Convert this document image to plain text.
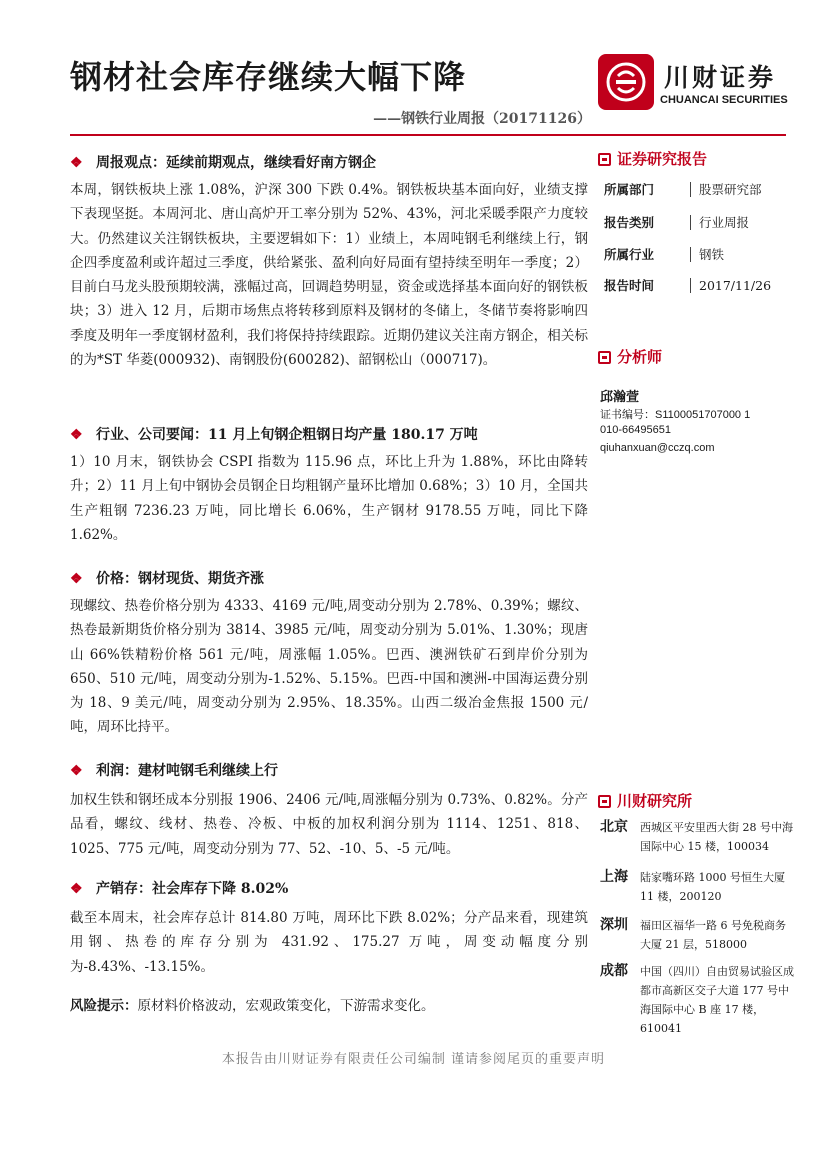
钢材社会库存继续大幅下降
——钢铁行业周报（20171126）
川财证券
CHUANCAI SECURITIES
❖ 周报观点：延续前期观点，继续看好南方钢企
本周，钢铁板块上涨 1.08%，沪深 300 下跌 0.4%。钢铁板块基本面向好，业绩支撑下表现坚挺。本周河北、唐山高炉开工率分别为 52%、43%，河北采暖季限产力度较大。仍然建议关注钢铁板块，主要逻辑如下：1）业绩上，本周吨钢毛利继续上行，钢企四季度盈利或许超过三季度，供给紧张、盈利向好局面有望持续至明年一季度；2）目前白马龙头股预期较满，涨幅过高，回调趋势明显，资金或选择基本面向好的钢铁板块；3）进入 12 月，后期市场焦点将转移到原料及钢材的冬储上，冬储节奏将影响四季度及明年一季度钢材盈利，我们将保持持续跟踪。近期仍建议关注南方钢企，相关标的为*ST 华菱(000932)、南钢股份(600282)、韶钢松山（000717)。
❖ 行业、公司要闻：11 月上旬钢企粗钢日均产量 180.17 万吨
1）10 月末，钢铁协会 CSPI 指数为 115.96 点，环比上升为 1.88%，环比由降转升；2）11 月上旬中钢协会员钢企日均粗钢产量环比增加 0.68%；3）10 月，全国共生产粗钢 7236.23 万吨，同比增长 6.06%，生产钢材 9178.55 万吨，同比下降 1.62%。
❖ 价格：钢材现货、期货齐涨
现螺纹、热卷价格分别为 4333、4169 元/吨,周变动分别为 2.78%、0.39%；螺纹、热卷最新期货价格分别为 3814、3985 元/吨，周变动分别为 5.01%、1.30%；现唐山 66%铁精粉价格 561 元/吨，周涨幅 1.05%。巴西、澳洲铁矿石到岸价分别为 650、510 元/吨，周变动分别为-1.52%、5.15%。巴西-中国和澳洲-中国海运费分别为 18、9 美元/吨，周变动分别为 2.95%、18.35%。山西二级冶金焦报 1500 元/吨，周环比持平。
❖ 利润：建材吨钢毛利继续上行
加权生铁和钢坯成本分别报 1906、2406 元/吨,周涨幅分别为 0.73%、0.82%。分产品看，螺纹、线材、热卷、冷板、中板的加权利润分别为 1114、1251、818、1025、775 元/吨，周变动分别为 77、52、-10、5、-5 元/吨。
❖ 产销存：社会库存下降 8.02%
截至本周末，社会库存总计 814.80 万吨，周环比下跌 8.02%；分产品来看，现建筑用钢、热卷的库存分别为 431.92、175.27 万吨，周变动幅度分别为-8.43%、-13.15%。
风险提示：原材料价格波动，宏观政策变化，下游需求变化。
证券研究报告
所属部门	股票研究部
报告类别	行业周报
所属行业	钢铁
报告时间	2017/11/26
分析师
邱瀚萱
证书编号：S1100051707000 1
010-66495651
qiuhanxuan@cczq.com
川财研究所
北京 西城区平安里西大街 28 号中海国际中心 15 楼，100034
上海 陆家嘴环路 1000 号恒生大厦 11 楼，200120
深圳 福田区福华一路 6 号免税商务大厦 21 层，518000
成都 中国（四川）自由贸易试验区成都市高新区交子大道 177 号中海国际中心 B 座 17 楼，610041
本报告由川财证券有限责任公司编制 谨请参阅尾页的重要声明
